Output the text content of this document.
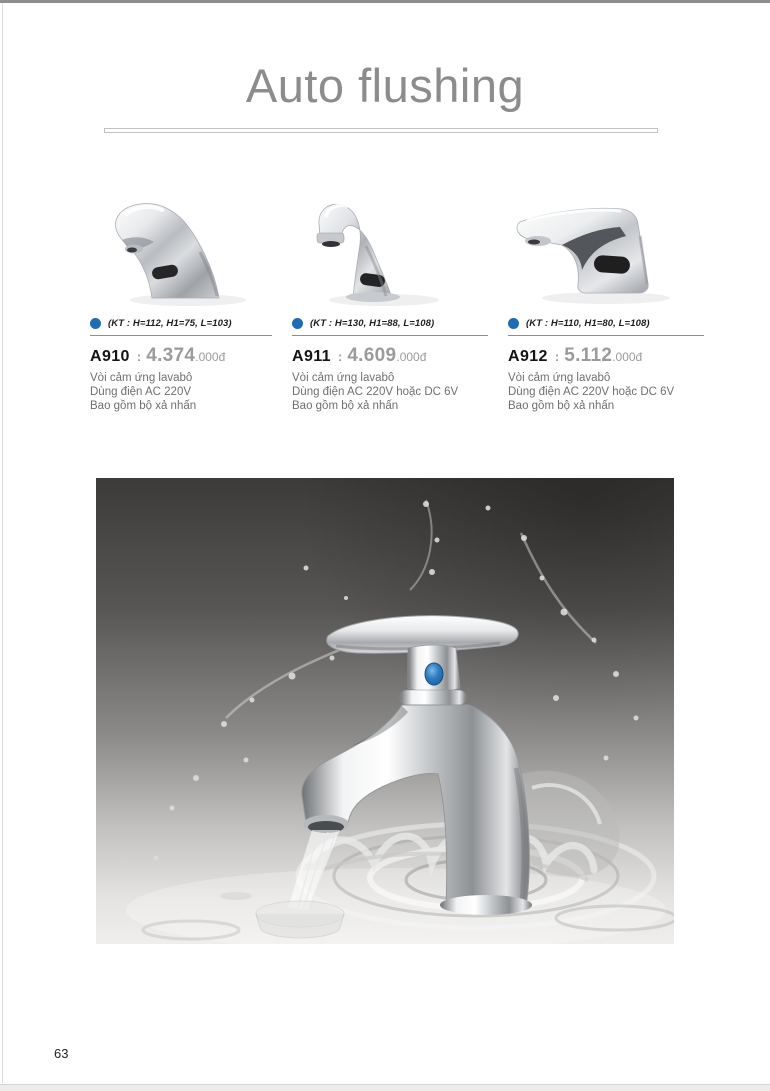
Auto flushing
(KT : H=112, H1=75, L=103)
A910 : 4.374 .000đ
Vòi cảm ứng lavabô
Dùng điện AC 220V
Bao gồm bộ xả nhấn
(KT : H=130, H1=88, L=108)
A911 : 4.609 .000đ
Vòi cảm ứng lavabô
Dùng điện AC 220V hoặc DC 6V
Bao gồm bộ xả nhấn
(KT : H=110, H1=80, L=108)
A912 : 5.112 .000đ
Vòi cảm ứng lavabô
Dùng điện AC 220V hoặc DC 6V
Bao gồm bộ xả nhấn
63
